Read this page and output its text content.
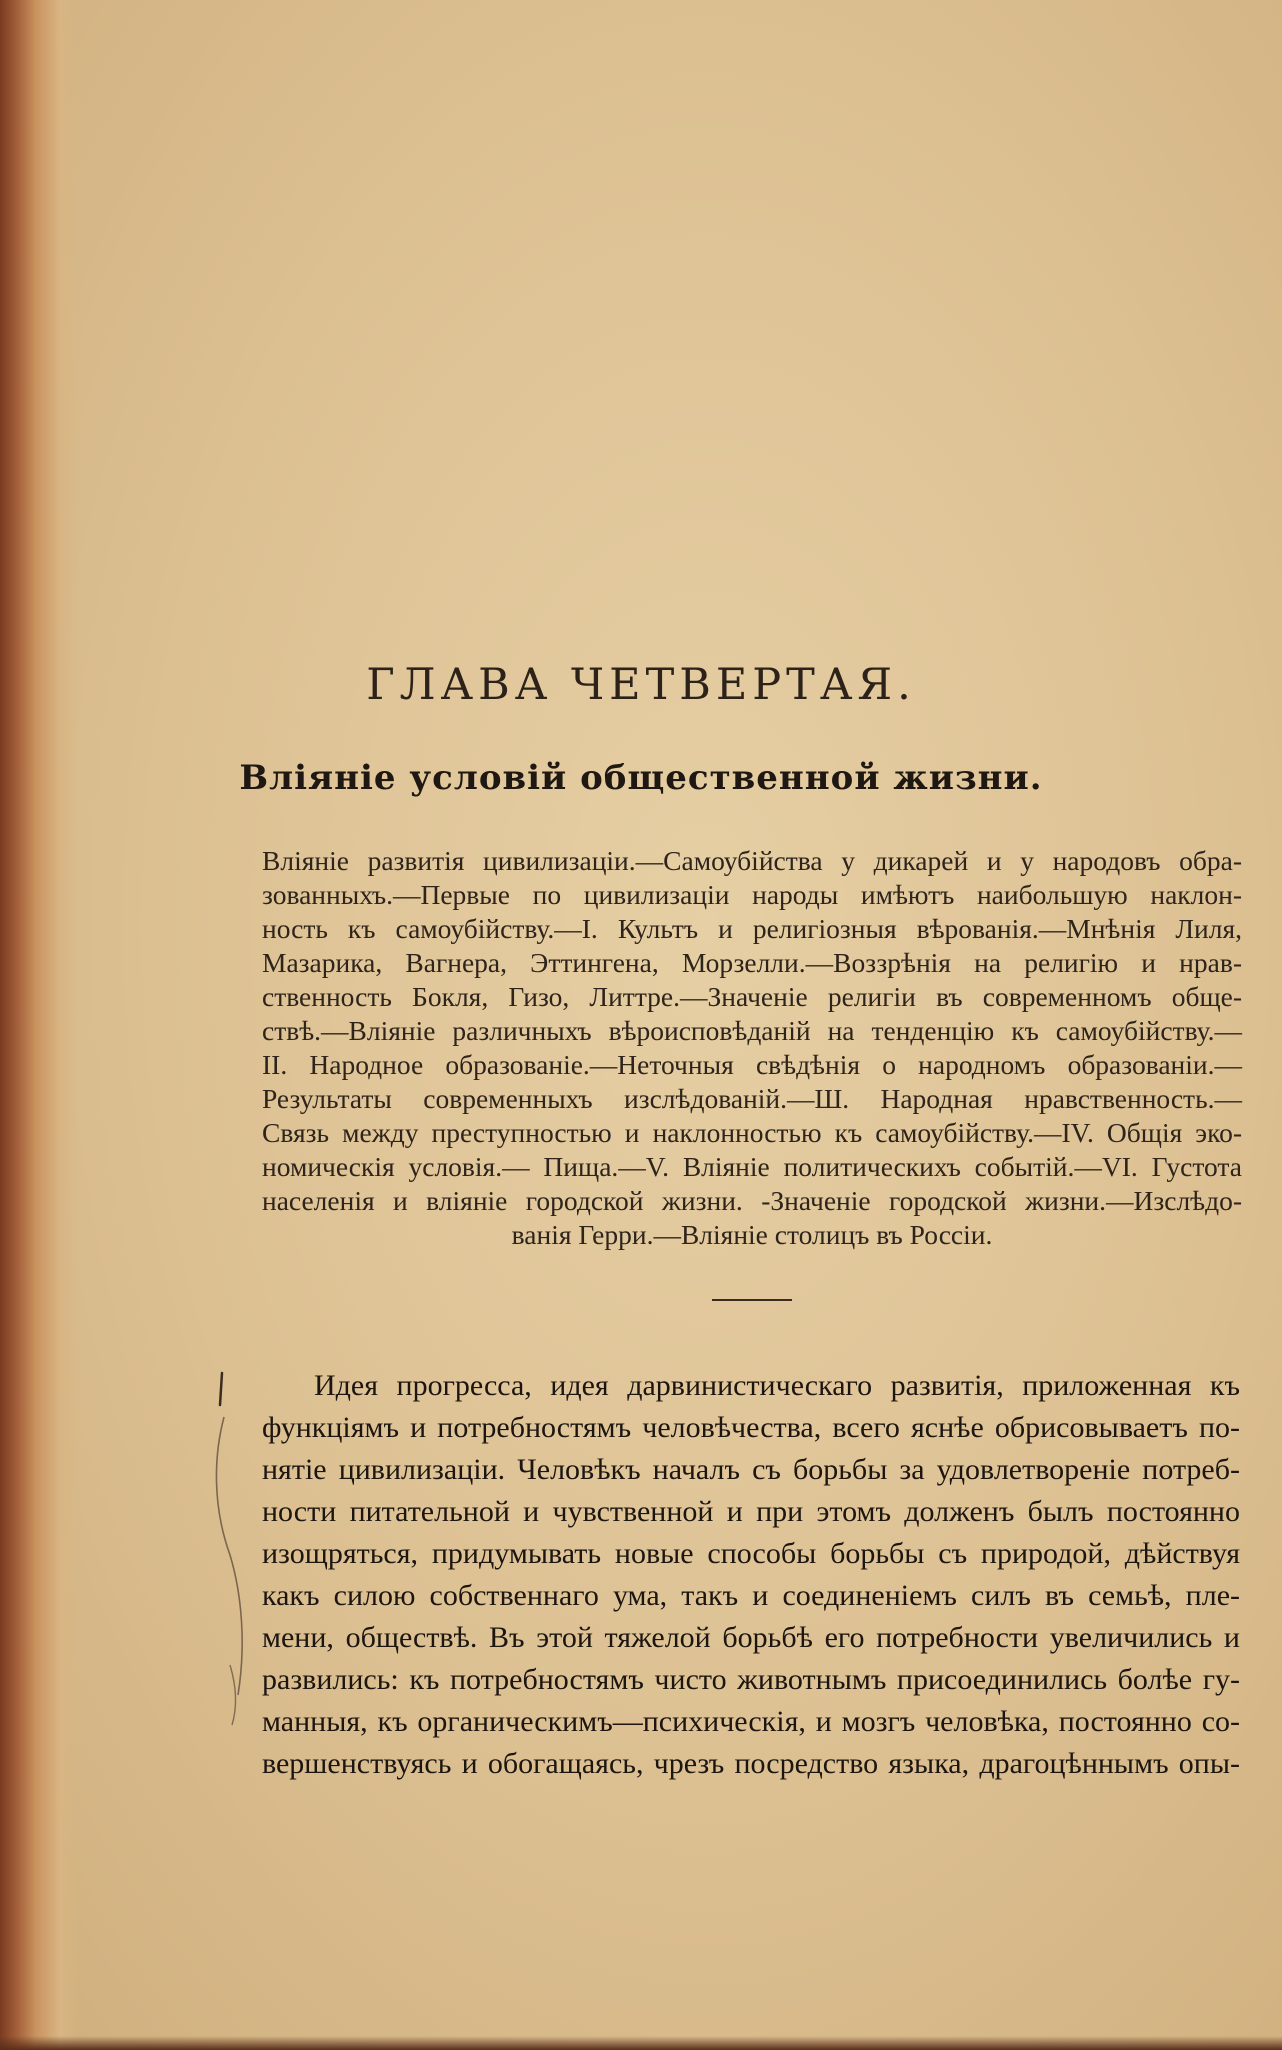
ГЛАВА ЧЕТВЕРТАЯ.
Вліяніе условій общественной жизни.
Вліяніе развитія цивилизаціи.—Самоубійства у дикарей и у народовъ обра-
зованныхъ.—Первые по цивилизаціи народы имѣютъ наибольшую наклон-
ность къ самоубійству.—I. Культъ и религіозныя вѣрованія.—Мнѣнія Лиля,
Мазарика, Вагнера, Эттингена, Морзелли.—Воззрѣнія на религію и нрав-
ственность Бокля, Гизо, Литтре.—Значеніе религіи въ современномъ обще-
ствѣ.—Вліяніе различныхъ вѣроисповѣданій на тенденцію къ самоубійству.—
II. Народное образованіе.—Неточныя свѣдѣнія о народномъ образованіи.—
Результаты современныхъ изслѣдованій.—Ш. Народная нравственность.—
Связь между преступностью и наклонностью къ самоубійству.—IV. Общія эко-
номическія условія.— Пища.—V. Вліяніе политическихъ событій.—VI. Густота
населенія и вліяніе городской жизни. -Значеніе городской жизни.—Изслѣдо-
ванія Герри.—Вліяніе столицъ въ Россіи.
Идея прогресса, идея дарвинистическаго развитія, приложенная къ
функціямъ и потребностямъ человѣчества, всего яснѣе обрисовываетъ по-
нятіе цивилизаціи. Человѣкъ началъ съ борьбы за удовлетвореніе потреб-
ности питательной и чувственной и при этомъ долженъ былъ постоянно
изощряться, придумывать новые способы борьбы съ природой, дѣйствуя
какъ силою собственнаго ума, такъ и соединеніемъ силъ въ семьѣ, пле-
мени, обществѣ. Въ этой тяжелой борьбѣ его потребности увеличились и
развились: къ потребностямъ чисто животнымъ присоединились болѣе гу-
манныя, къ органическимъ—психическія, и мозгъ человѣка, постоянно со-
вершенствуясь и обогащаясь, чрезъ посредство языка, драгоцѣннымъ опы-
